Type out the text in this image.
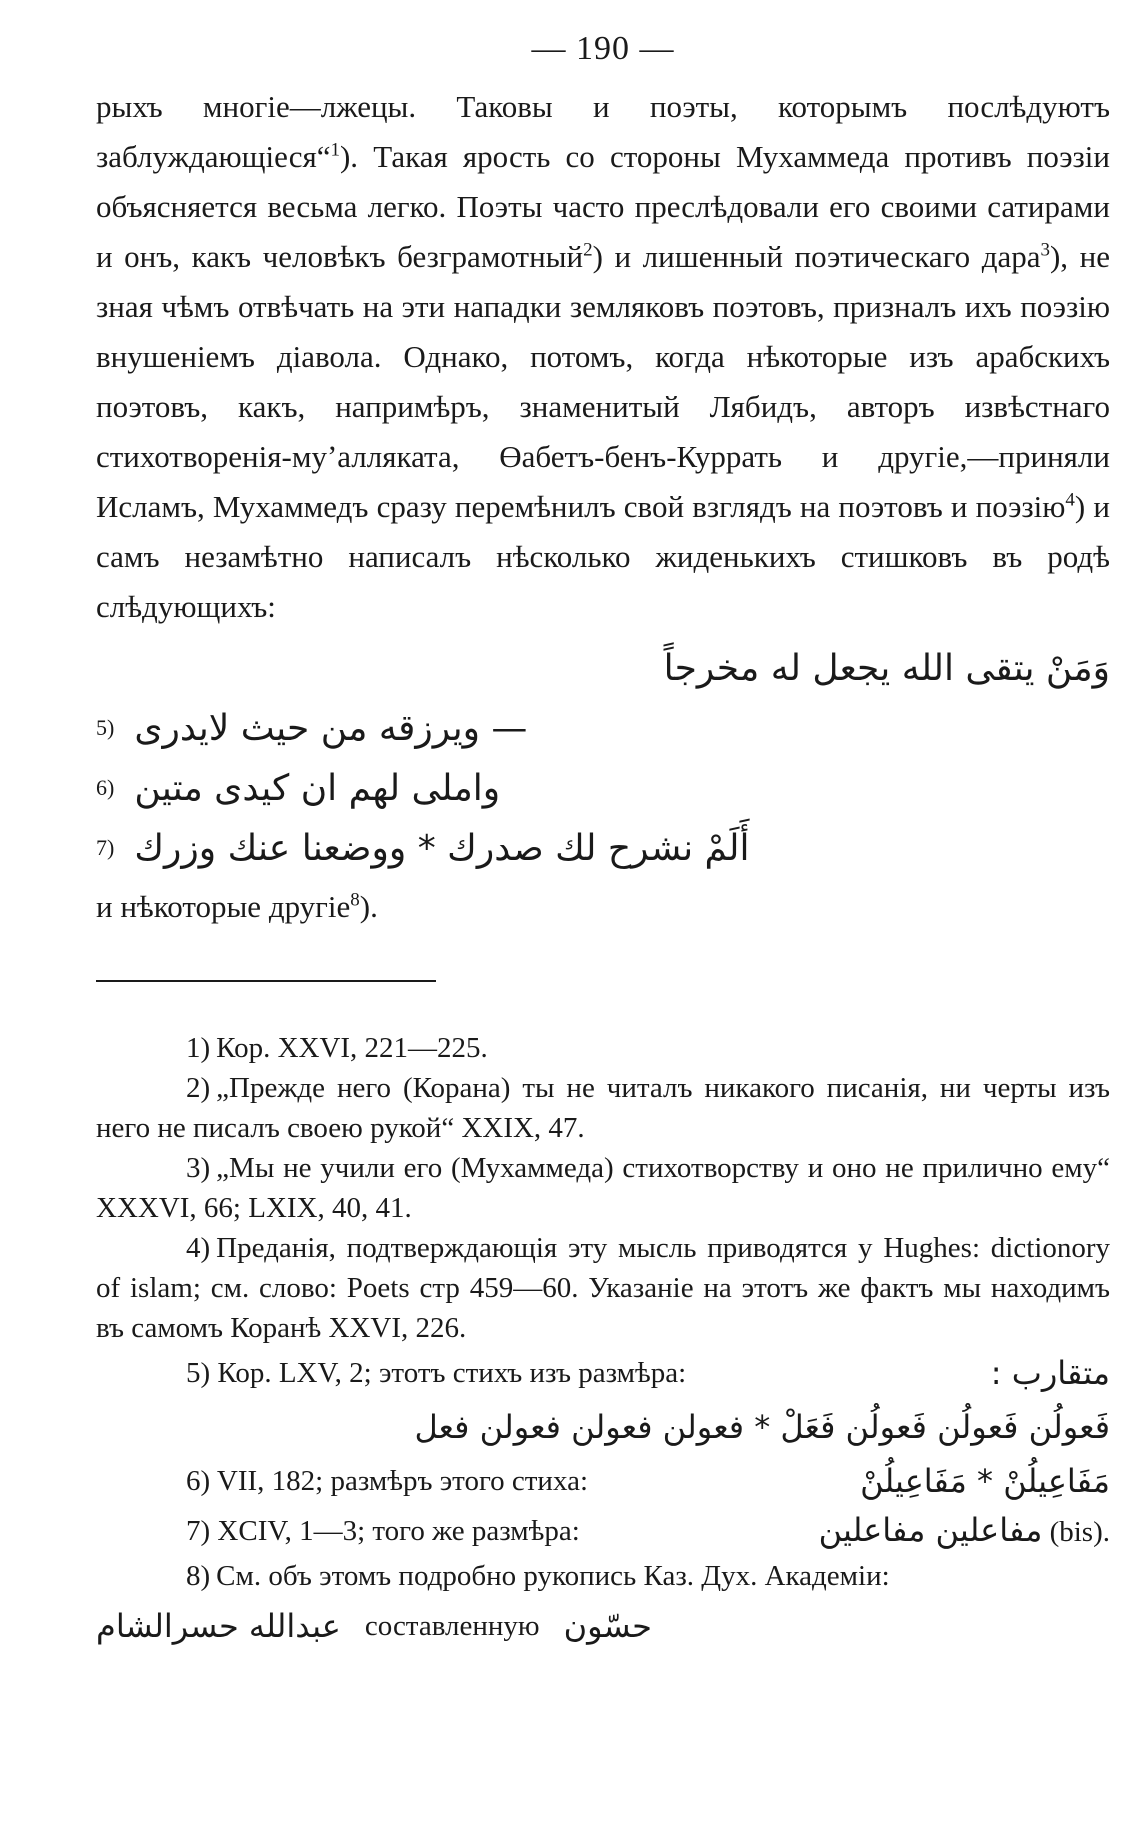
— 190 —

рыхъ многіе—лжецы. Таковы и поэты, которымъ послѣдуютъ заблуждающіеся“$^1$). Такая ярость со стороны Мухаммеда противъ поэзіи объясняется весьма легко. Поэты часто преслѣдовали его своими сатирами и онъ, какъ человѣкъ безграмотный$^2$) и лишенный поэтическаго дара$^3$), не зная чѣмъ отвѣчать на эти нападки земляковъ поэтовъ, призналъ ихъ поэзію внушеніемъ діавола. Однако, потомъ, когда нѣкоторые изъ арабскихъ поэтовъ, какъ, напримѣръ, знаменитый Лябидъ, авторъ извѣстнаго стихотворенія-муʼалляката, Өабетъ-бенъ-Куррать и другіе,—приняли Исламъ, Мухаммедъ сразу перемѣнилъ свой взглядъ на поэтовъ и поэзію$^4$) и самъ незамѣтно написалъ нѣсколько жиденькихъ стишковъ въ родѣ слѣдующихъ:

وَمَنْ يتقى الله يجعل له مخرجاً
5) — ويرزقه من حيث لايدرى
6) واملى لهم ان كيدى متين
7) أَلَمْ نشرح لك صدرك * ووضعنا عنك وزرك
и нѣкоторые другіе$^8$).

1) Кор. XXVI, 221—225.

2) „Прежде него (Корана) ты не читалъ никакого писанія, ни черты изъ него не писалъ своею рукой“ XXIX, 47.

3) „Мы не учили его (Мухаммеда) стихотворству и оно не прилично ему“ XXXVI, 66; LXIX, 40, 41.

4) Преданія, подтверждающія эту мысль приводятся у Hughes: dictionory of islam; см. слово: Poets стр 459—60. Указаніе на этотъ же фактъ мы находимъ въ самомъ Коранѣ XXVI, 226.

5) Кор. LXV, 2; этотъ стихъ изъ размѣра:	متقارب :
فَعولُن فَعولُن فَعولُن فَعَلْ * فعولن فعولن فعولن فعل
6) VII, 182; размѣръ этого стиха:	مَفَاعِيلُنْ * مَفَاعِيلُنْ
7) XCIV, 1—3; того же размѣра:	مفاعلين مفاعلين (bis).

8) См. объ этомъ подробно рукопись Каз. Дух. Академіи:

عبدالله حسرالشام составленную حسّون
